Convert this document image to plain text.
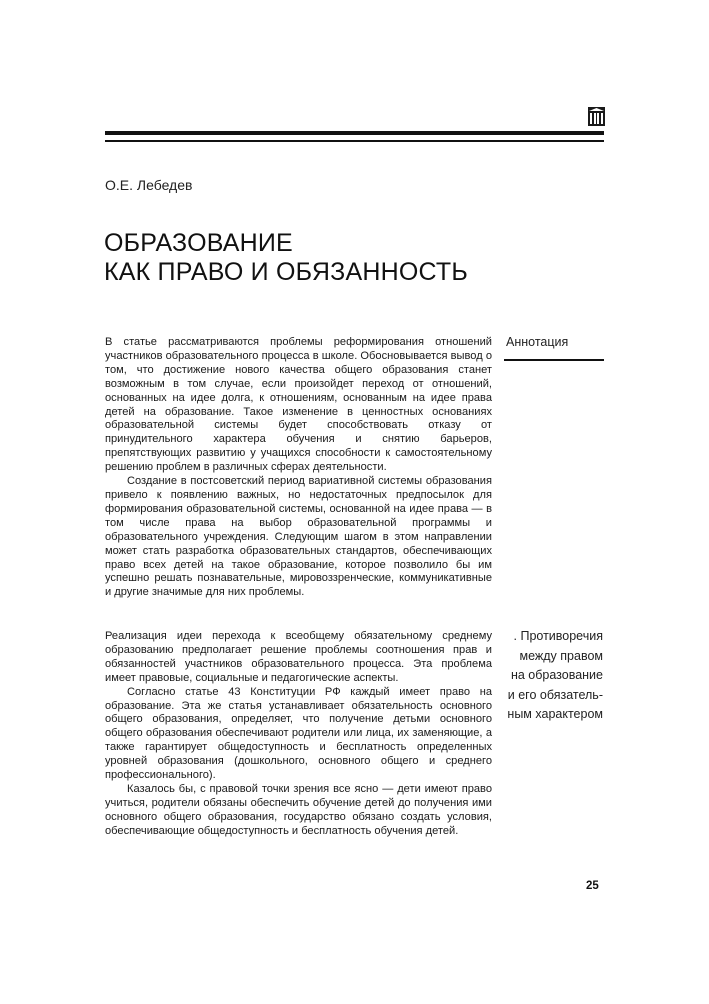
О.Е. Лебедев

ОБРАЗОВАНИЕ
КАК ПРАВО И ОБЯЗАННОСТЬ

В статье рассматриваются проблемы реформирования отношений участников образовательного процесса в школе. Обосновывается вывод о том, что достижение нового качества общего образования станет возможным в том случае, если произойдет переход от отношений, основанных на идее долга, к отношениям, основанным на идее права детей на образование. Такое изменение в ценностных основаниях образовательной системы будет способствовать отказу от принудительного характера обучения и снятию барьеров, препятствующих развитию у учащихся способности к самостоятельному решению проблем в различных сферах деятельности.

Создание в постсоветский период вариативной системы образования привело к появлению важных, но недостаточных предпосылок для формирования образовательной системы, основанной на идее права — в том числе права на выбор образовательной программы и образовательного учреждения. Следующим шагом в этом направлении может стать разработка образовательных стандартов, обеспечивающих право всех детей на такое образование, которое позволило бы им успешно решать познавательные, мировоззренческие, коммуникативные и другие значимые для них проблемы.

Аннотация

. Противоречия
между правом
на образование
и его обязатель-
ным характером

Реализация идеи перехода к всеобщему обязательному среднему образованию предполагает решение проблемы соотношения прав и обязанностей участников образовательного процесса. Эта проблема имеет правовые, социальные и педагогические аспекты.

Согласно статье 43 Конституции РФ каждый имеет право на образование. Эта же статья устанавливает обязательность основного общего образования, определяет, что получение детьми основного общего образования обеспечивают родители или лица, их заменяющие, а также гарантирует общедоступность и бесплатность определенных уровней образования (дошкольного, основного общего и среднего профессионального).

Казалось бы, с правовой точки зрения все ясно — дети имеют право учиться, родители обязаны обеспечить обучение детей до получения ими основного общего образования, государство обязано создать условия, обеспечивающие общедоступность и бесплатность обучения детей.

25
